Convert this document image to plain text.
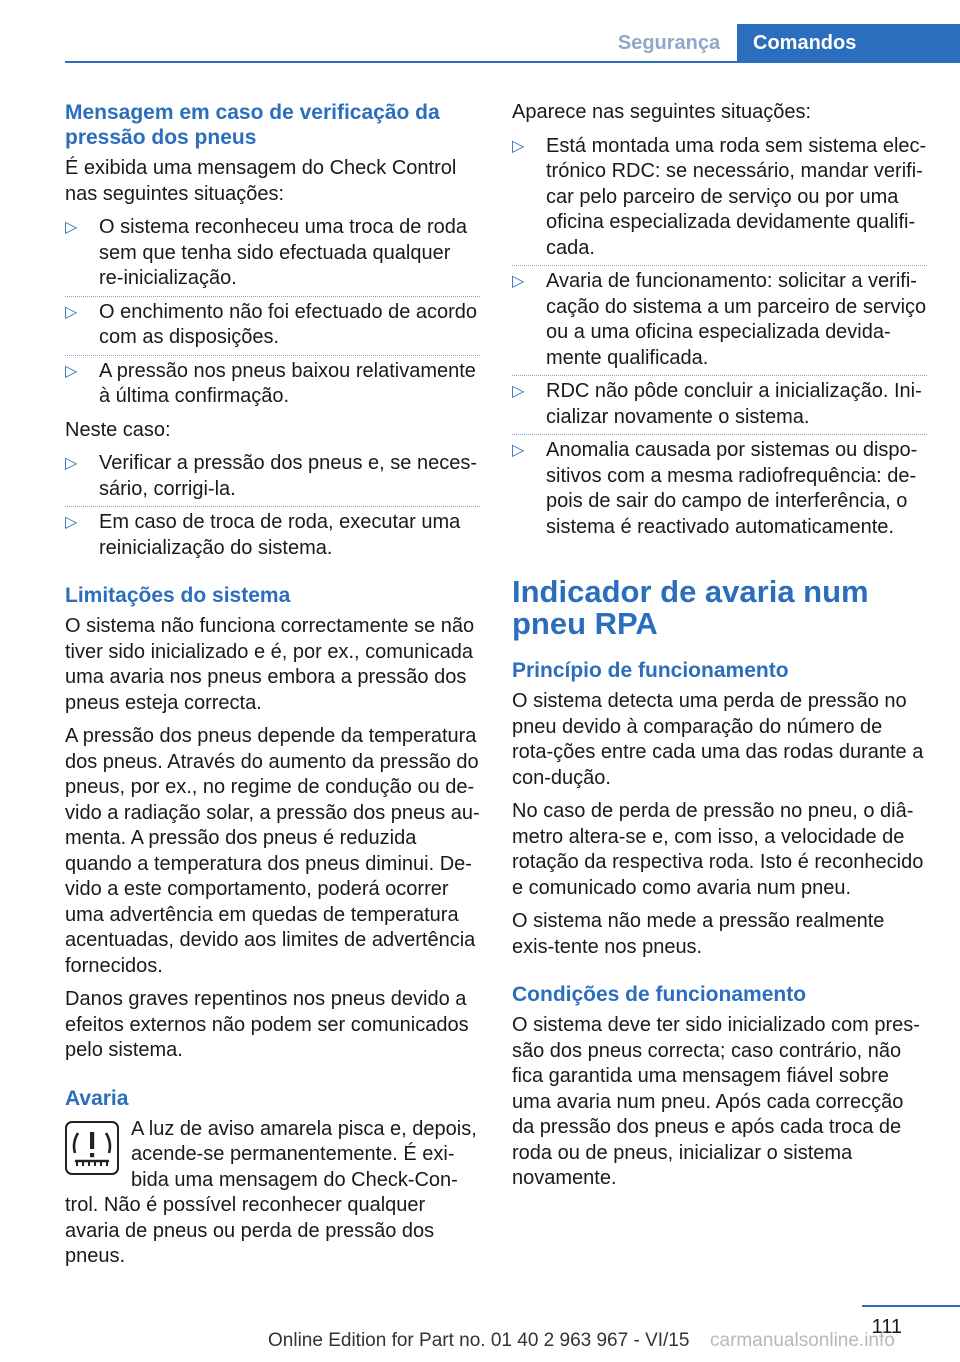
Segurança	Comandos
Mensagem em caso de verificação da pressão dos pneus

É exibida uma mensagem do Check Control nas seguintes situações:

▷ O sistema reconheceu uma troca de roda sem que tenha sido efectuada qualquer re‐inicialização.
▷ O enchimento não foi efectuado de acordo com as disposições.
▷ A pressão nos pneus baixou relativamente à última confirmação.

Neste caso:

▷ Verificar a pressão dos pneus e, se neces‐sário, corrigi-la.
▷ Em caso de troca de roda, executar uma reinicialização do sistema.
Limitações do sistema

O sistema não funciona correctamente se não tiver sido inicializado e é, por ex., comunicada uma avaria nos pneus embora a pressão dos pneus esteja correcta.

A pressão dos pneus depende da temperatura dos pneus. Através do aumento da pressão do pneus, por ex., no regime de condução ou de‐vido a radiação solar, a pressão dos pneus au‐menta. A pressão dos pneus é reduzida quando a temperatura dos pneus diminui. De‐vido a este comportamento, poderá ocorrer uma advertência em quedas de temperatura acentuadas, devido aos limites de advertência fornecidos.

Danos graves repentinos nos pneus devido a efeitos externos não podem ser comunicados pelo sistema.

Avaria

A luz de aviso amarela pisca e, depois, acende-se permanentemente. É exi‐bida uma mensagem do Check-Con‐trol. Não é possível reconhecer qualquer avaria de pneus ou perda de pressão dos pneus.

Aparece nas seguintes situações:

▷ Está montada uma roda sem sistema elec‐trónico RDC: se necessário, mandar verifi‐car pelo parceiro de serviço ou por uma oficina especializada devidamente qualifi‐cada.
▷ Avaria de funcionamento: solicitar a verifi‐cação do sistema a um parceiro de serviço ou a uma oficina especializada devida‐mente qualificada.
▷ RDC não pôde concluir a inicialização. Ini‐cializar novamente o sistema.
▷ Anomalia causada por sistemas ou dispo‐sitivos com a mesma radiofrequência: de‐pois de sair do campo de interferência, o sistema é reactivado automaticamente.
Indicador de avaria num pneu RPA
Princípio de funcionamento

O sistema detecta uma perda de pressão no pneu devido à comparação do número de rota‐ções entre cada uma das rodas durante a con‐dução.

No caso de perda de pressão no pneu, o diâ‐metro altera-se e, com isso, a velocidade de rotação da respectiva roda. Isto é reconhecido e comunicado como avaria num pneu.

O sistema não mede a pressão realmente exis‐tente nos pneus.

Condições de funcionamento

O sistema deve ter sido inicializado com pres‐são dos pneus correcta; caso contrário, não fica garantida uma mensagem fiável sobre uma avaria num pneu. Após cada correcção da pressão dos pneus e após cada troca de roda ou de pneus, inicializar o sistema novamente.

111
Online Edition for Part no. 01 40 2 963 967 - VI/15	carmanualsonline.info
